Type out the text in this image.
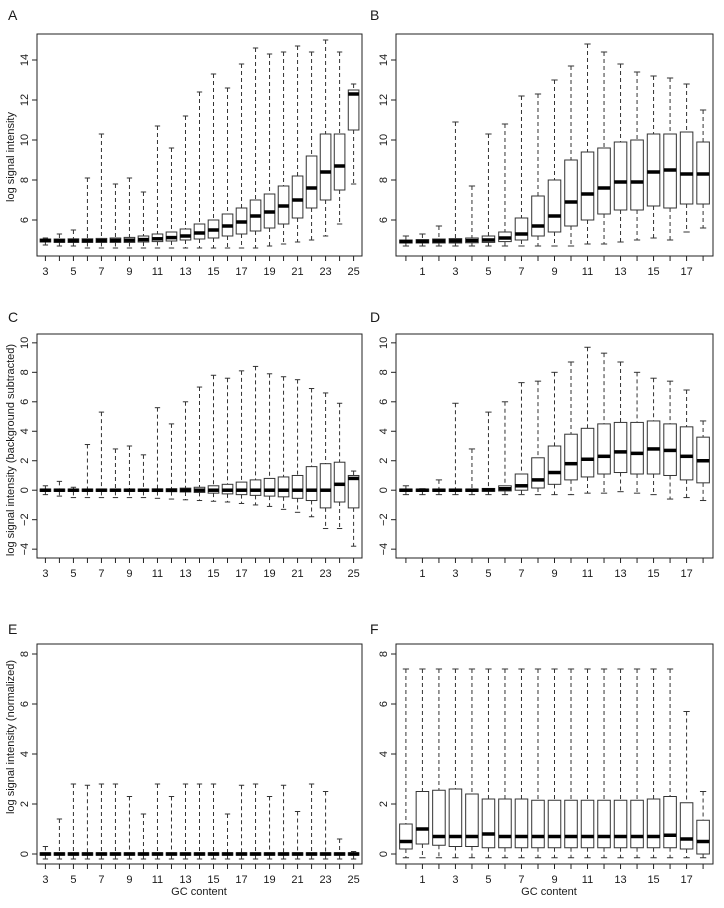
A
log signal intensity
6
8
10
12
14
3 5 7 9 11 13 15 17 19 21 23 25
B
6
8
10
12
14
1 3 5 7 9 11 13 15 17
C
log signal intensity (background subtracted) −4
−2
0
2
4
6
8
10
3 5 7 9 11 13 15 17 19 21 23 25
D
−4
−2
0
2
4
6
8
10
1 3 5 7 9 11 13 15 17
E
log signal intensity (normalized)
GC content
0
2
4
6
8
3 5 7 9 11 13 15 17 19 21 23 25
F
GC content
0
2
4
6
8
1 3 5 7 9 11 13 15 17
